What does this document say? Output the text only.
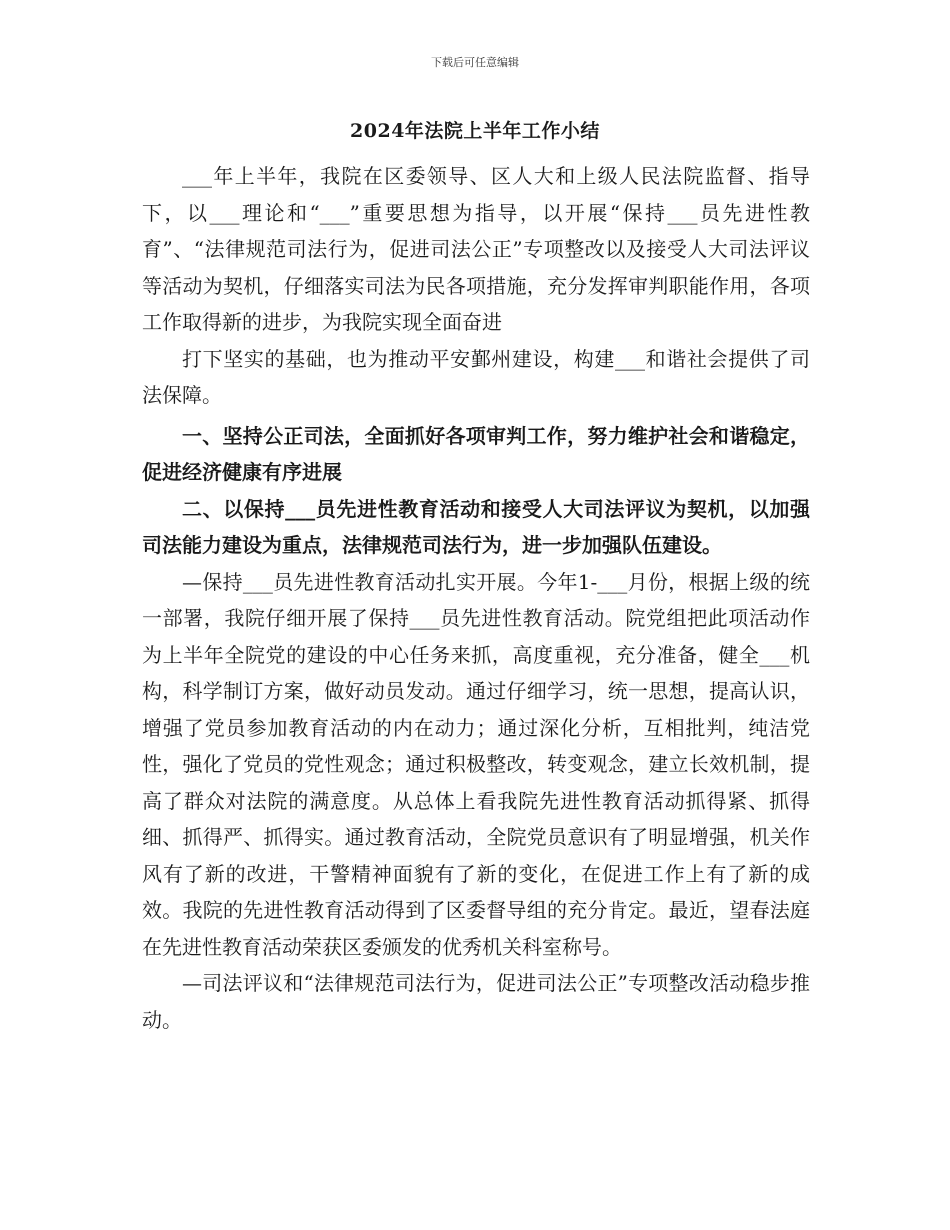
下载后可任意编辑
2024年法院上半年工作小结

___年上半年，我院在区委领导、区人大和上级人民法院监督、指导下，以___理论和“___”重要思想为指导，以开展“保持___员先进性教育”、“法律规范司法行为，促进司法公正”专项整改以及接受人大司法评议等活动为契机，仔细落实司法为民各项措施，充分发挥审判职能作用，各项工作取得新的进步，为我院实现全面奋进

打下坚实的基础，也为推动平安鄞州建设，构建___和谐社会提供了司法保障。

一、坚持公正司法，全面抓好各项审判工作，努力维护社会和谐稳定，促进经济健康有序进展

二、以保持___员先进性教育活动和接受人大司法评议为契机，以加强司法能力建设为重点，法律规范司法行为，进一步加强队伍建设。

—保持___员先进性教育活动扎实开展。今年1-___月份，根据上级的统一部署，我院仔细开展了保持___员先进性教育活动。院党组把此项活动作为上半年全院党的建设的中心任务来抓，高度重视，充分准备，健全___机构，科学制订方案，做好动员发动。通过仔细学习，统一思想，提高认识，增强了党员参加教育活动的内在动力；通过深化分析，互相批判，纯洁党性，强化了党员的党性观念；通过积极整改，转变观念，建立长效机制，提高了群众对法院的满意度。从总体上看我院先进性教育活动抓得紧、抓得细、抓得严、抓得实。通过教育活动，全院党员意识有了明显增强，机关作风有了新的改进，干警精神面貌有了新的变化，在促进工作上有了新的成效。我院的先进性教育活动得到了区委督导组的充分肯定。最近，望春法庭在先进性教育活动荣获区委颁发的优秀机关科室称号。

—司法评议和“法律规范司法行为，促进司法公正”专项整改活动稳步推动。
